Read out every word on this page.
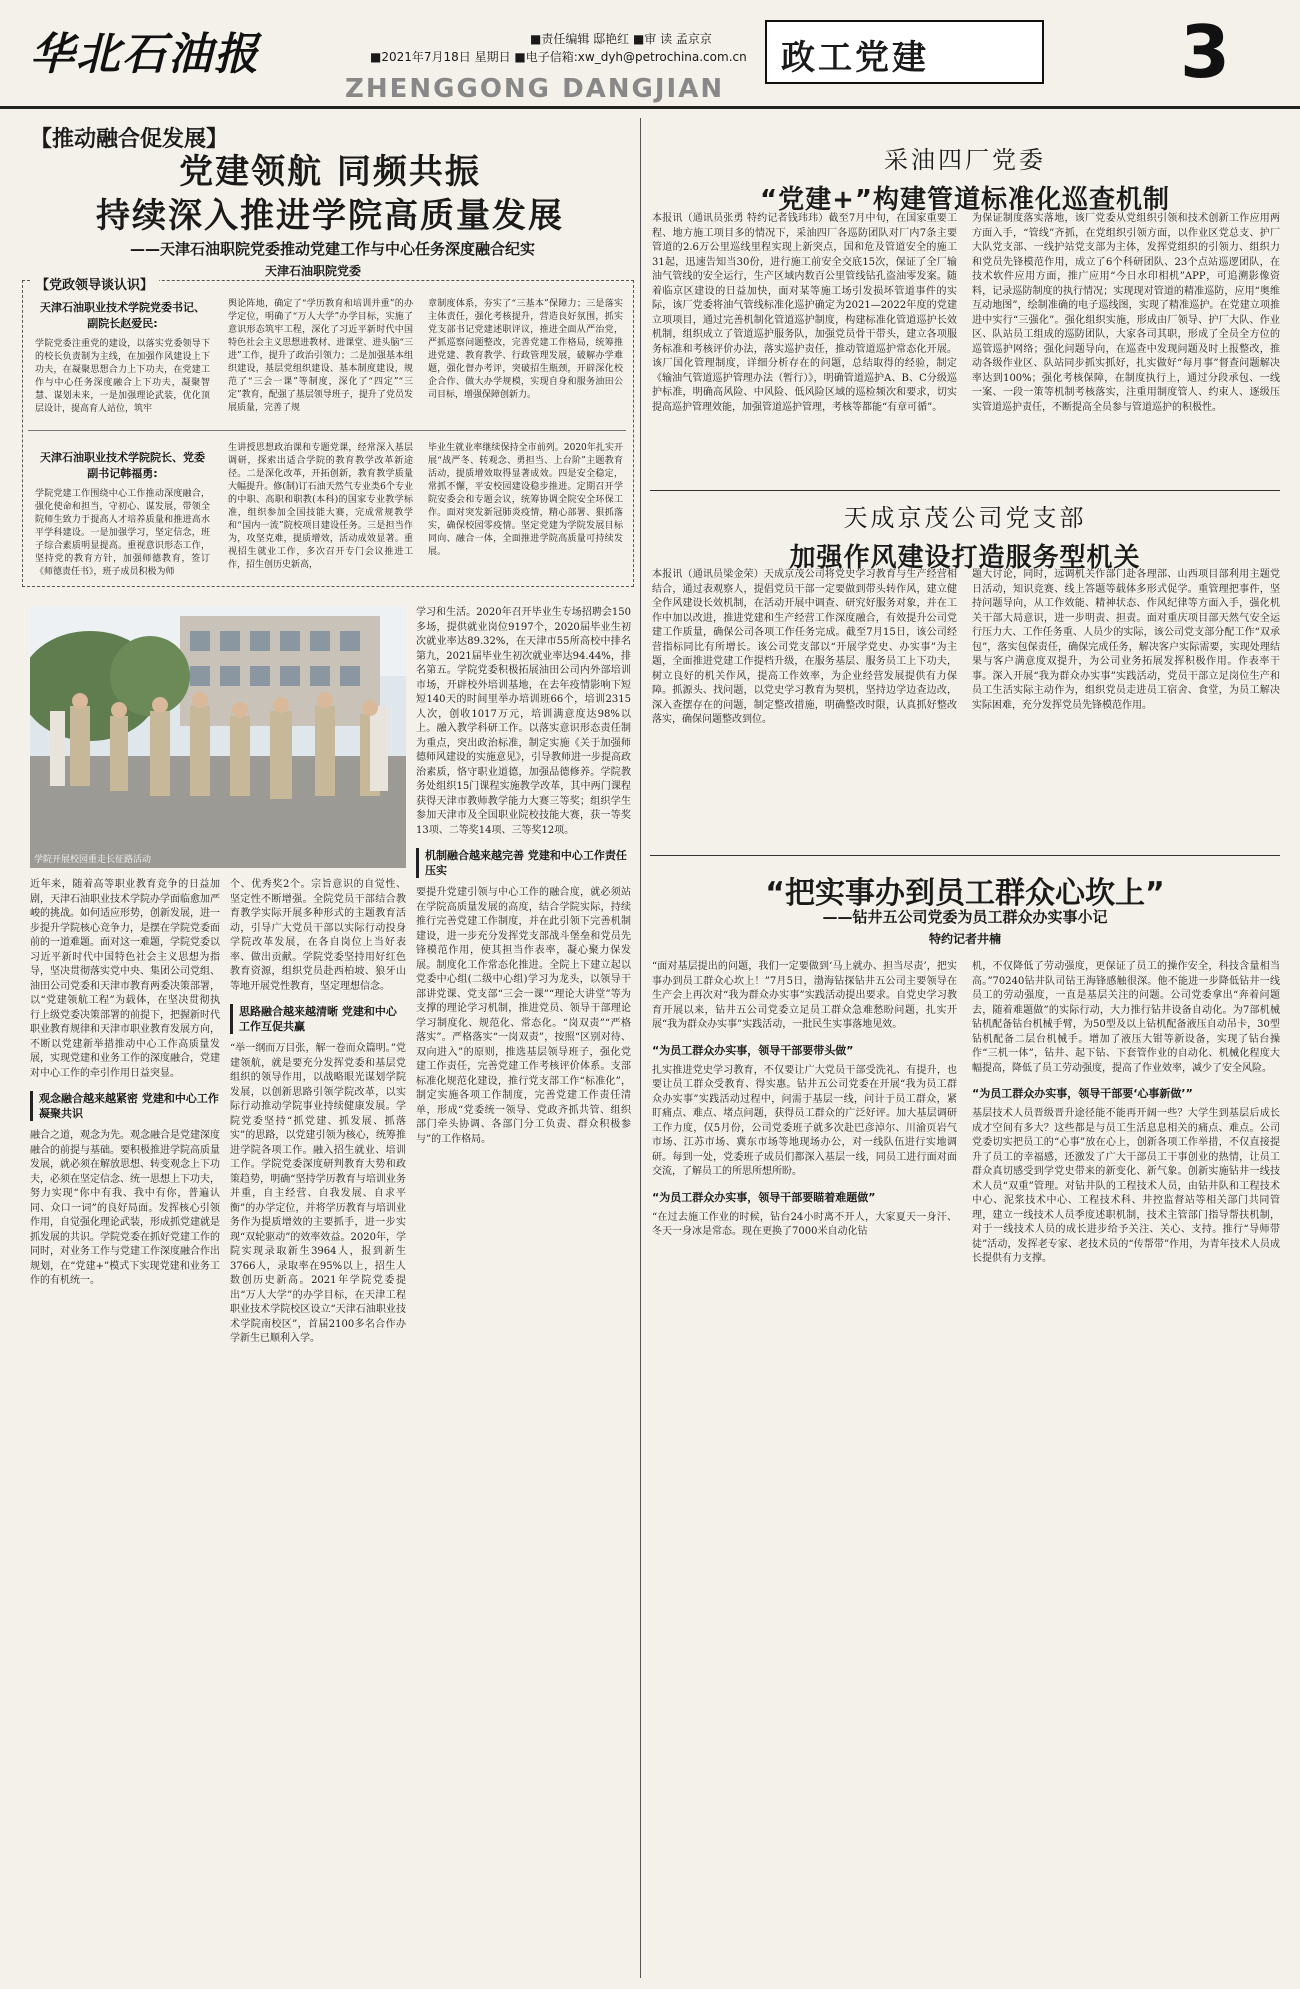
华北石油报	■责任编辑 邸艳红 ■审 读 孟京京
■2021年7月18日 星期日 ■电子信箱:xw_dyh@petrochina.com.cn
ZHENGGONG DANGJIAN
政工党建	3
【推动融合促发展】
党建领航 同频共振
持续深入推进学院高质量发展
——天津石油职院党委推动党建工作与中心任务深度融合纪实
天津石油职院党委
【党政领导谈认识】
天津石油职业技术学院党委书记、副院长赵爱民:
学院党委注重党的建设，以落实党委领导下的校长负责制为主线，在加强作风建设上下功夫，在凝聚思想合力上下功夫，在党建工作与中心任务深度融合上下功夫，凝聚智慧、谋划未来，一是加强理论武装，优化顶层设计，提高育人站位，筑牢
舆论阵地，确定了“学历教育和培训并重”的办学定位，明确了“万人大学”办学目标，实施了意识形态筑牢工程，深化了习近平新时代中国特色社会主义思想进教材、进课堂、进头脑“三进”工作，提升了政治引领力；二是加强基本组织建设，基层党组织建设、基本制度建设，规范了“三会一课”等制度，深化了“四定”“三定”教育，配强了基层领导班子，提升了党员发展质量，完善了规
章制度体系，夯实了“三基本”保障力；三是落实主体责任，强化考核提升，营造良好氛围，抓实党支部书记党建述职评议，推进全面从严治党，严抓巡察问题整改，完善党建工作格局，统筹推进党建、教育教学、行政管理发展，破解办学难题，强化督办考评，突破招生瓶颈，开辟深化校企合作、做大办学规模，实现自身和服务油田公司目标，增强保障创新力。
天津石油职业技术学院院长、党委副书记韩福勇:
学院党建工作围绕中心工作推动深度融合，强化使命和担当，守初心、谋发展，带领全院师生致力于提高人才培养质量和推进高水平学科建设。一是加强学习，坚定信念，班子综合素质明显提高。重视意识形态工作，坚持党的教育方针，加强师德教育，签订《师德责任书》，班子成员积极为师
生讲授思想政治课和专题党课，经常深入基层调研，探索出适合学院的教育教学改革新途径。二是深化改革，开拓创新，教育教学质量大幅提升。修(制)订石油天然气专业类6个专业的中职、高职和职教(本科)的国家专业教学标准，组织参加全国技能大赛，完成常规教学和“国内一流”院校项目建设任务。三是担当作为，攻坚克难，提质增效，活动成效显著。重视招生就业工作，多次召开专门会议推进工作，招生创历史新高，
毕业生就业率继续保持全市前列。2020年扎实开展“战严冬、转观念、勇担当、上台阶”主题教育活动，提质增效取得显著成效。四是安全稳定，常抓不懈，平安校园建设稳步推进。定期召开学院安委会和专题会议，统筹协调全院安全环保工作。面对突发新冠肺炎疫情，精心部署、狠抓落实，确保校园零疫情。坚定党建为学院发展目标同向、融合一体，全面推进学院高质量可持续发展。
学院开展校园重走长征路活动
近年来，随着高等职业教育竞争的日益加剧，天津石油职业技术学院办学面临愈加严峻的挑战。如何适应形势，创新发展，进一步提升学院核心竞争力，是摆在学院党委面前的一道难题。面对这一难题，学院党委以习近平新时代中国特色社会主义思想为指导，坚决贯彻落实党中央、集团公司党组、油田公司党委和天津市教育两委决策部署，以“党建领航工程”为载体，在坚决贯彻执行上级党委决策部署的前提下，把握新时代职业教育规律和天津市职业教育发展方向，不断以党建新举措推动中心工作高质量发展，实现党建和业务工作的深度融合，党建对中心工作的牵引作用日益突显。
观念融合越来越紧密 党建和中心工作凝聚共识
融合之道，观念为先。观念融合是党建深度融合的前提与基础。要积极推进学院高质量发展，就必须在解放思想、转变观念上下功夫，必须在坚定信念、统一思想上下功夫，努力实现“你中有我、我中有你，普遍认同、众口一词”的良好局面。发挥核心引领作用，自觉强化理论武装，形成抓党建就是抓发展的共识。学院党委在抓好党建工作的同时，对业务工作与党建工作深度融合作出规划，在“党建+”模式下实现党建和业务工作的有机统一。
个、优秀奖2个。宗旨意识的自觉性、坚定性不断增强。全院党员干部结合教育教学实际开展多种形式的主题教育活动，引导广大党员干部以实际行动投身学院改革发展，在各自岗位上当好表率、做出贡献。学院党委坚持用好红色教育资源，组织党员赴西柏坡、狼牙山等地开展党性教育，坚定理想信念。
思路融合越来越清晰 党建和中心工作互促共赢
“举一纲而万目张，解一卷而众篇明。”党建领航，就是要充分发挥党委和基层党组织的领导作用，以战略眼光谋划学院发展，以创新思路引领学院改革，以实际行动推动学院事业持续健康发展。学院党委坚持“抓党建、抓发展、抓落实”的思路，以党建引领为核心，统筹推进学院各项工作。融入招生就业、培训工作。学院党委深度研判教育大势和政策趋势，明确“坚持学历教育与培训业务并重，自主经营、自我发展、自求平衡”的办学定位，并将学历教育与培训业务作为提质增效的主要抓手，进一步实现“双轮驱动”的效率效益。2020年，学院实现录取新生3964人，报到新生3766人，录取率在95%以上，招生人数创历史新高。2021年学院党委提出“万人大学”的办学目标，在天津工程职业技术学院校区设立“天津石油职业技术学院南校区”，首届2100多名合作办学新生已顺利入学。
学习和生活。2020年召开毕业生专场招聘会150多场，提供就业岗位9197个，2020届毕业生初次就业率达89.32%，在天津市55所高校中排名第九，2021届毕业生初次就业率达94.44%，排名第五。学院党委积极拓展油田公司内外部培训市场，开辟校外培训基地，在去年疫情影响下短短140天的时间里举办培训班66个，培训2315人次，创收1017万元，培训满意度达98%以上。融入教学科研工作。以落实意识形态责任制为重点，突出政治标准，制定实施《关于加强师德师风建设的实施意见》，引导教师进一步提高政治素质，恪守职业道德，加强品德修养。学院教务处组织15门课程实施教学改革，其中两门课程获得天津市教师教学能力大赛三等奖；组织学生参加天津市及全国职业院校技能大赛，获一等奖13项、二等奖14项、三等奖12项。
机制融合越来越完善 党建和中心工作责任压实
要提升党建引领与中心工作的融合度，就必须站在学院高质量发展的高度，结合学院实际，持续推行完善党建工作制度，并在此引领下完善机制建设，进一步充分发挥党支部战斗堡垒和党员先锋模范作用，使其担当作表率，凝心聚力保发展。制度化工作常态化推进。全院上下建立起以党委中心组(二级中心组)学习为龙头，以领导干部讲党课、党支部“三会一课”“理论大讲堂”等为支撑的理论学习机制，推进党员、领导干部理论学习制度化、规范化、常态化。“岗双责”“严格落实”。严格落实“一岗双责”，按照“区别对待、双向进入”的原则，推选基层领导班子，强化党建工作责任，完善党建工作考核评价体系。支部标准化规范化建设，推行党支部工作“标准化”，制定实施各项工作制度，完善党建工作责任清单，形成“党委统一领导、党政齐抓共管、组织部门牵头协调、各部门分工负责、群众积极参与”的工作格局。
采油四厂党委
“党建+”构建管道标准化巡查机制
本报讯（通讯员张勇 特约记者钱玮玮）截至7月中旬，在国家重要工程、地方施工项目多的情况下，采油四厂各巡防团队对厂内7条主要管道的2.6万公里巡线里程实现上新突点，国和危及管道安全的施工31起，迅速告知当30份，进行施工前安全交底15次，保证了全厂输油气管线的安全运行，生产区域内数百公里管线钻孔盗油零发案。随着临京区建设的日益加快，面对某等施工场引发损坏管道事件的实际，该厂党委将油气管线标准化巡护确定为2021—2022年度的党建立项项目，通过完善机制化管道巡护制度，构建标准化管道巡护长效机制，组织成立了管道巡护服务队，加强党员骨干带头，建立各项服务标准和考核评价办法，落实巡护责任，推动管道巡护常态化开展。该厂国化管理制度，详细分析存在的问题，总结取得的经验，制定《输油气管道巡护管理办法（暂行）》，明确管道巡护A、B、C分级巡护标准，明确高风险、中风险、低风险区域的巡检频次和要求，切实提高巡护管理效能，加强管道巡护管理，考核等都能“有章可循”。
为保证制度落实落地，该厂党委从党组织引领和技术创新工作应用两方面入手，“管线”齐抓，在党组织引领方面，以作业区党总支、护厂大队党支部、一线护站党支部为主体，发挥党组织的引领力、组织力和党员先锋模范作用，成立了6个科研团队、23个点站巡逻团队，在技术软件应用方面，推广应用“今日水印相机”APP，可追溯影像资料，记录巡防制度的执行情况；实现现对管道的精准巡防，应用“奥维互动地图”，绘制准确的电子巡线图，实现了精准巡护。在党建立项推进中实行“三强化”。强化组织实施，形成由厂领导、护厂大队、作业区、队站员工组成的巡防团队，大家各司其职，形成了全员全方位的巡管巡护网络；强化问题导向，在巡查中发现问题及时上报整改，推动各级作业区、队站同步抓实抓好，扎实做好“每月事”督查问题解决率达到100%；强化考核保障，在制度执行上，通过分段承包、一线一案、一段一策等机制考核落实，注重用制度管人、约束人、逐级压实管道巡护责任，不断提高全员参与管道巡护的积极性。
天成京茂公司党支部
加强作风建设打造服务型机关
本报讯（通讯员梁金荣）天成京茂公司将党史学习教育与生产经营相结合，通过表观察人，提倡党员干部一定要做到带头转作风，建立健全作风建设长效机制，在活动开展中调查、研究好服务对象，并在工作中加以改进，推进党建和生产经营工作深度融合，有效提升公司党建工作质量，确保公司各项工作任务完成。截至7月15日，该公司经营指标同比有所增长。该公司党支部以“开展学党史、办实事”为主题，全面推进党建工作提档升级，在服务基层、服务员工上下功夫，树立良好的机关作风，提高工作效率，为企业经营发展提供有力保障。抓源头、找问题，以党史学习教育为契机，坚持边学边查边改，深入查摆存在的问题，制定整改措施，明确整改时限，认真抓好整改落实，确保问题整改到位。
题大讨论，同时，远调机关作部门赴各理部、山西项目部利用主题党日活动，知识竞赛、线上答题等载体多形式促学。重管理把事件，坚持问题导向，从工作效能、精神状态、作风纪律等方面入手，强化机关干部大局意识，进一步明责、担责。面对重庆项目部天然气安全运行压力大、工作任务重、人员少的实际，该公司党支部分配工作“双承包”，落实包保责任，确保完成任务，解决客户实际需要，实现处理结果与客户满意度双提升，为公司业务拓展发挥积极作用。作表率干事。深入开展“我为群众办实事”实践活动，党员干部立足岗位生产和员工生活实际主动作为，组织党员走进员工宿舍、食堂，为员工解决实际困难，充分发挥党员先锋模范作用。
“把实事办到员工群众心坎上”
——钻井五公司党委为员工群众办实事小记
特约记者井楠
“面对基层提出的问题，我们一定要做到‘马上就办、担当尽责’，把实事办到员工群众心坎上！”7月5日，渤海钻探钻井五公司主要领导在生产会上再次对“我为群众办实事”实践活动提出要求。自党史学习教育开展以来，钻井五公司党委立足员工群众急难愁盼问题，扎实开展“我为群众办实事”实践活动，一批民生实事落地见效。
“为员工群众办实事，领导干部要带头做”
扎实推进党史学习教育，不仅要让广大党员干部受洗礼、有提升，也要让员工群众受教育、得实惠。钻井五公司党委在开展“我为员工群众办实事”实践活动过程中，问需于基层一线，问计于员工群众，紧盯痛点、难点、堵点问题，获得员工群众的广泛好评。加大基层调研工作力度，仅5月份，公司党委班子就多次赴巴彦淖尔、川渝页岩气市场、江苏市场、冀东市场等地现场办公，对一线队伍进行实地调研。每到一处，党委班子成员们都深入基层一线，同员工进行面对面交流，了解员工的所思所想所盼。
“为员工群众办实事，领导干部要瞄着难题做”
“在过去施工作业的时候，钻台24小时离不开人，大家夏天一身汗、冬天一身冰是常态。现在更换了7000米自动化钻
机，不仅降低了劳动强度，更保证了员工的操作安全，科技含量相当高。”70240钻井队司钻王海锋感触很深。他不能进一步降低钻井一线员工的劳动强度，一直是基层关注的问题。公司党委拿出“奔着问题去，随着难题做”的实际行动，大力推行钻井设备自动化。为7部机械钻机配备钻台机械手臂，为50型及以上钻机配备液压自动吊卡，30型钻机配备二层台机械手。增加了液压大钳等新设备，实现了钻台操作“三机一体”，钻井、起下钻、下套管作业的自动化、机械化程度大幅提高，降低了员工劳动强度，提高了作业效率，减少了安全风险。
“为员工群众办实事，领导干部要‘心事新做’”
基层技术人员晋级晋升途径能不能再开阔一些？大学生到基层后成长成才空间有多大？这些都是与员工生活息息相关的痛点、难点。公司党委切实把员工的“心事”放在心上，创新各项工作举措，不仅直接提升了员工的幸福感，还激发了广大干部员工干事创业的热情，让员工群众真切感受到学党史带来的新变化、新气象。创新实施钻井一线技术人员“双重”管理。对钻井队的工程技术人员，由钻井队和工程技术中心、泥浆技术中心、工程技术科、井控监督站等相关部门共同管理，建立一线技术人员季度述职机制，技术主管部门指导帮扶机制，对于一线技术人员的成长进步给予关注、关心、支持。推行“导师带徒”活动，发挥老专家、老技术员的“传帮带”作用，为青年技术人员成长提供有力支撑。
